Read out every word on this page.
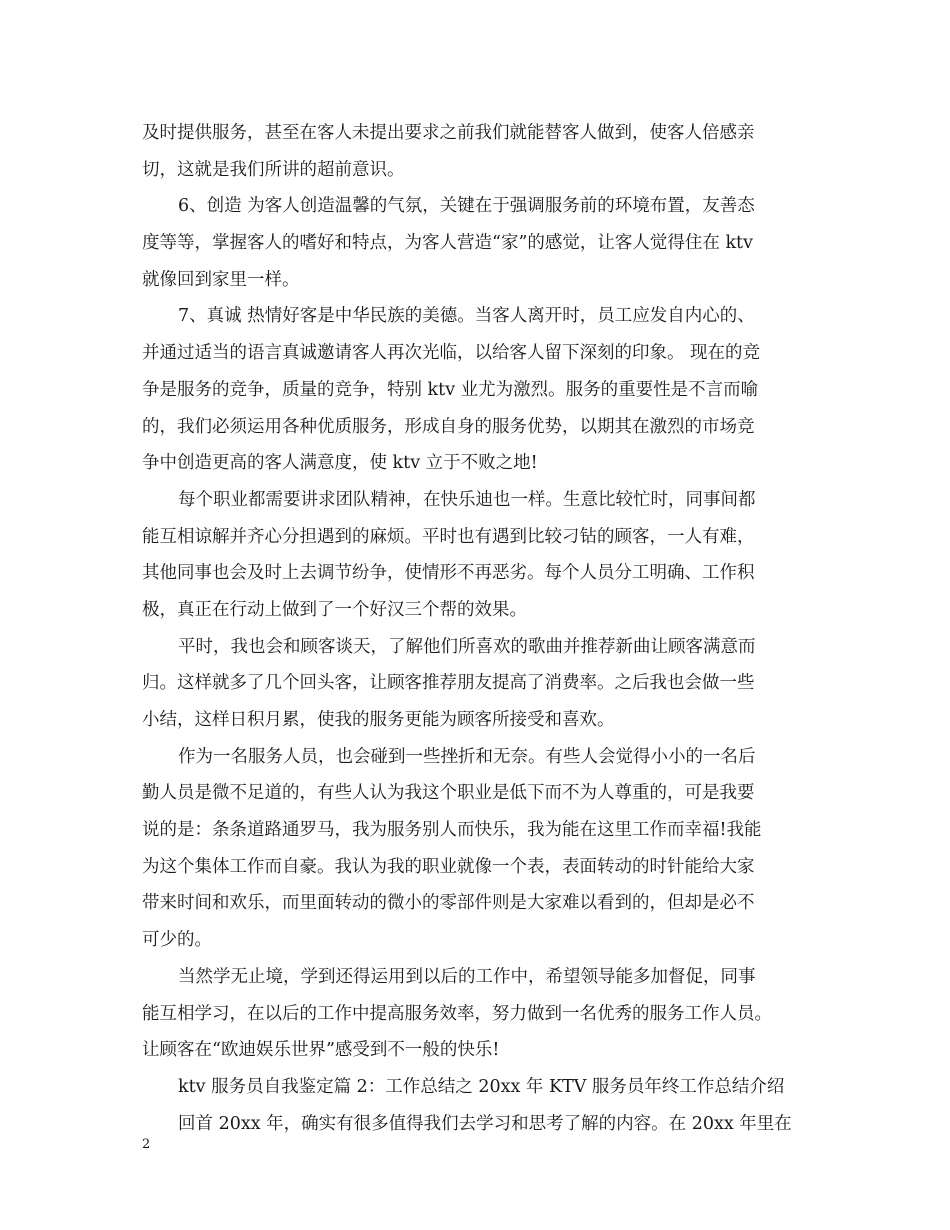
及时提供服务，甚至在客人未提出要求之前我们就能替客人做到，使客人倍感亲
切，这就是我们所讲的超前意识。
6、创造 为客人创造温馨的气氛，关键在于强调服务前的环境布置，友善态
度等等，掌握客人的嗜好和特点，为客人营造“家”的感觉，让客人觉得住在 ktv
就像回到家里一样。
7、真诚 热情好客是中华民族的美德。当客人离开时，员工应发自内心的、
并通过适当的语言真诚邀请客人再次光临，以给客人留下深刻的印象。 现在的竞
争是服务的竞争，质量的竞争，特别 ktv 业尤为激烈。服务的重要性是不言而喻
的，我们必须运用各种优质服务，形成自身的服务优势，以期其在激烈的市场竞
争中创造更高的客人满意度，使 ktv 立于不败之地!
每个职业都需要讲求团队精神，在快乐迪也一样。生意比较忙时，同事间都
能互相谅解并齐心分担遇到的麻烦。平时也有遇到比较刁钻的顾客，一人有难，
其他同事也会及时上去调节纷争，使情形不再恶劣。每个人员分工明确、工作积
极，真正在行动上做到了一个好汉三个帮的效果。
平时，我也会和顾客谈天，了解他们所喜欢的歌曲并推荐新曲让顾客满意而
归。这样就多了几个回头客，让顾客推荐朋友提高了消费率。之后我也会做一些
小结，这样日积月累，使我的服务更能为顾客所接受和喜欢。
作为一名服务人员，也会碰到一些挫折和无奈。有些人会觉得小小的一名后
勤人员是微不足道的，有些人认为我这个职业是低下而不为人尊重的，可是我要
说的是：条条道路通罗马，我为服务别人而快乐，我为能在这里工作而幸福!我能
为这个集体工作而自豪。我认为我的职业就像一个表，表面转动的时针能给大家
带来时间和欢乐，而里面转动的微小的零部件则是大家难以看到的，但却是必不
可少的。
当然学无止境，学到还得运用到以后的工作中，希望领导能多加督促，同事
能互相学习，在以后的工作中提高服务效率，努力做到一名优秀的服务工作人员。
让顾客在“欧迪娱乐世界”感受到不一般的快乐!
ktv 服务员自我鉴定篇 2：工作总结之 20xx 年 KTV 服务员年终工作总结介绍
回首 20xx 年，确实有很多值得我们去学习和思考了解的内容。在 20xx 年里在
2
